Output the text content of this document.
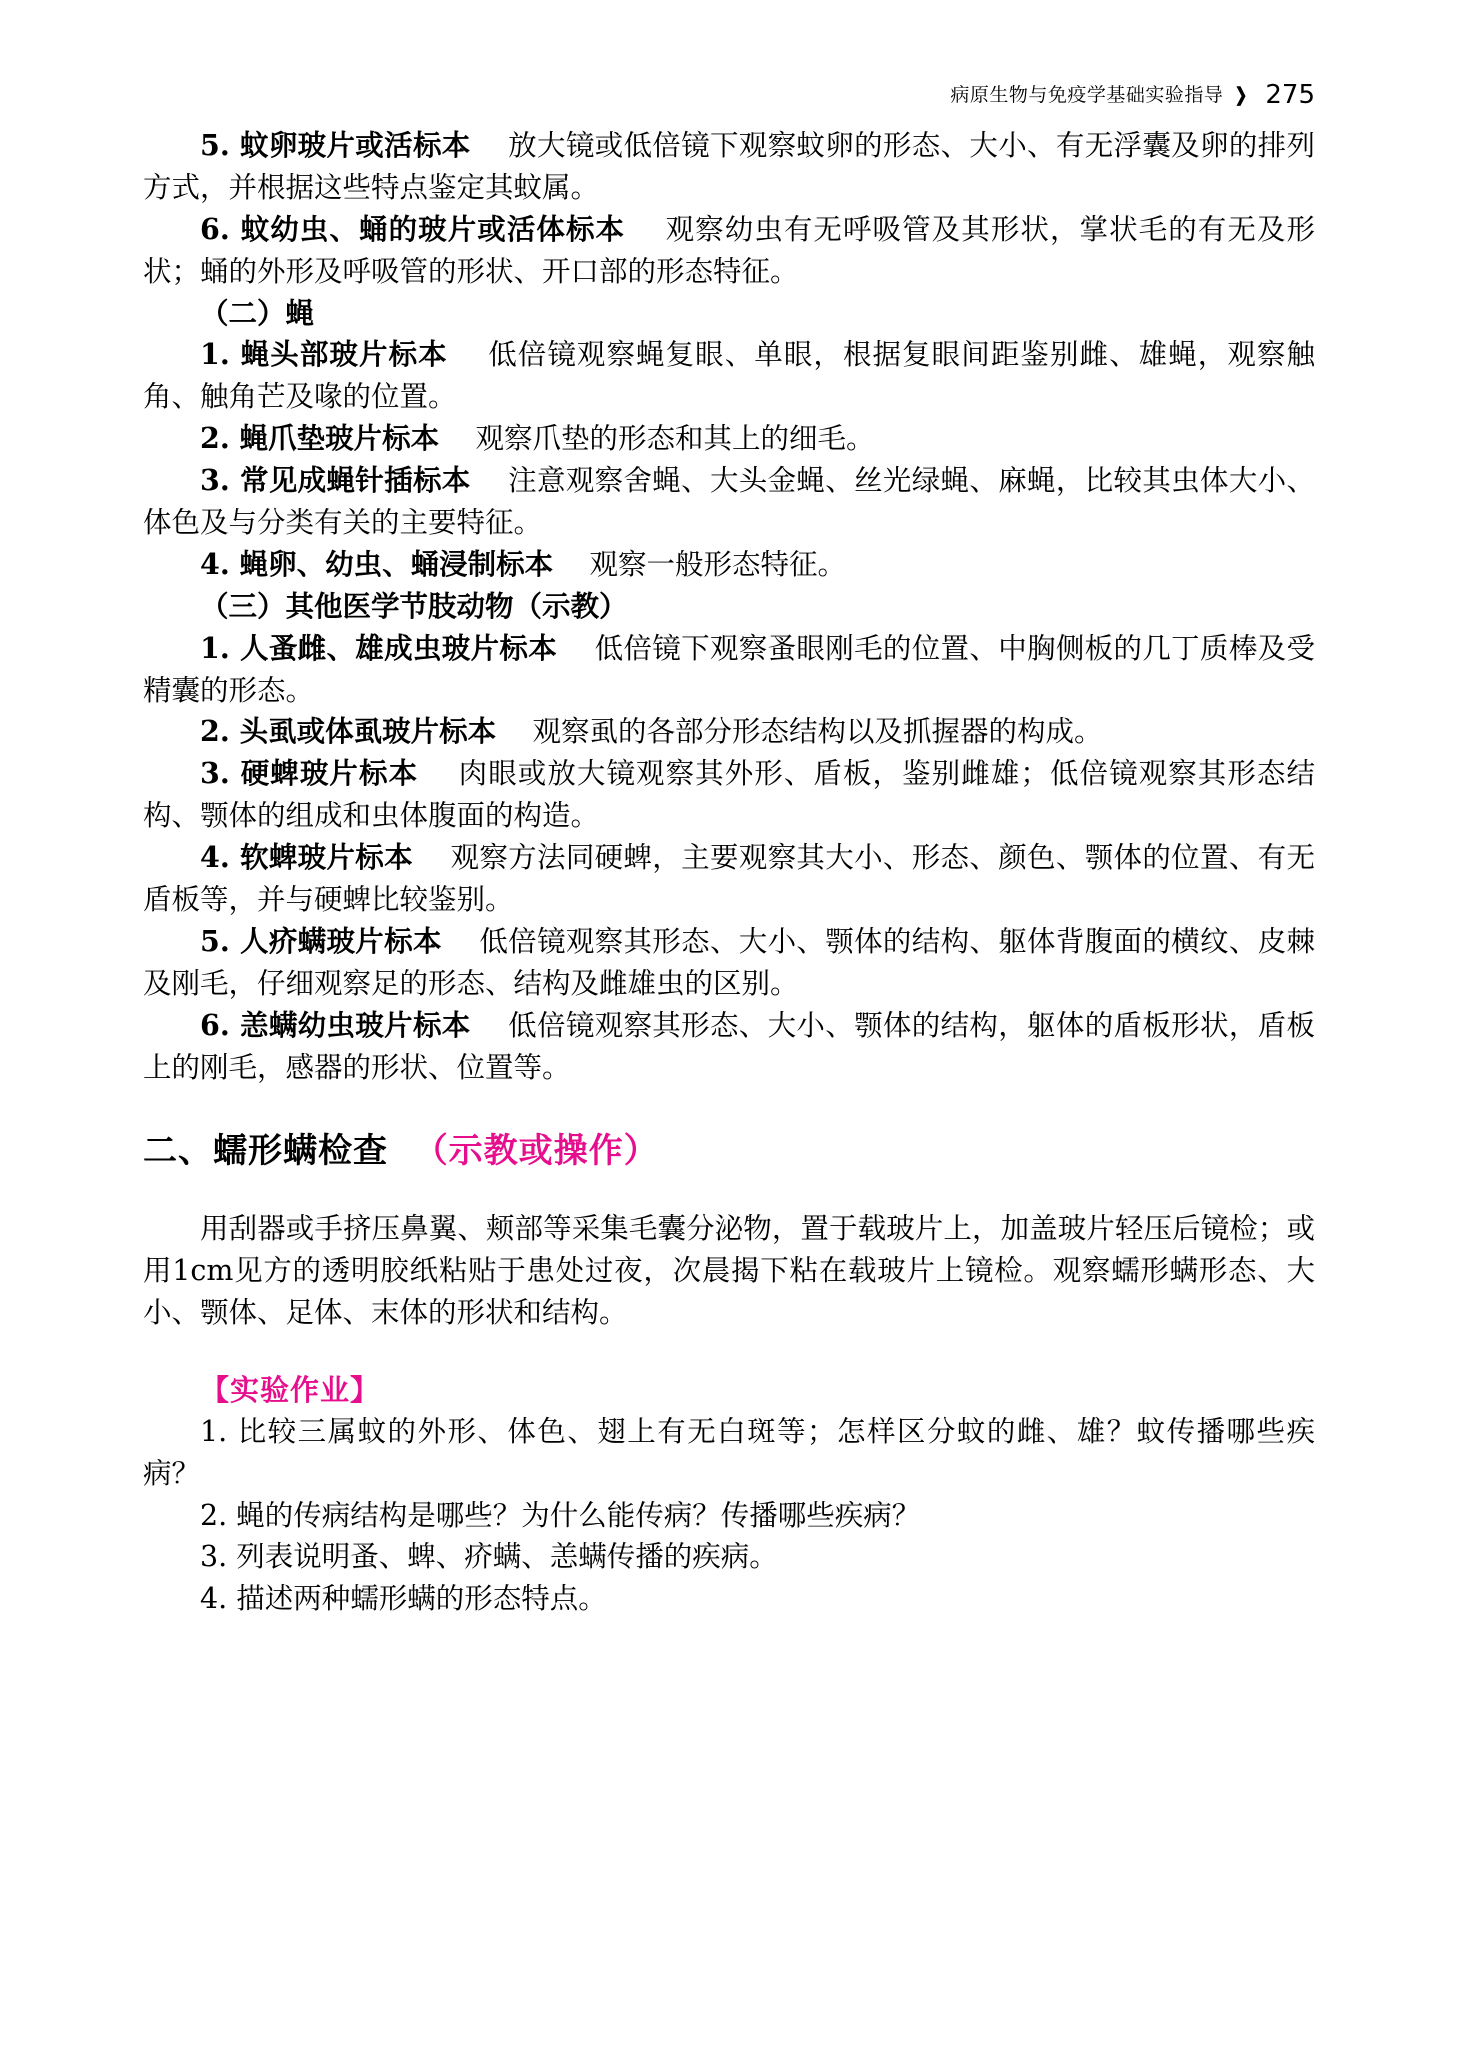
病原生物与免疫学基础实验指导 ❯ 275

5. 蚊卵玻片或活标本 放大镜或低倍镜下观察蚊卵的形态、大小、有无浮囊及卵的排列方式，并根据这些特点鉴定其蚊属。

6. 蚊幼虫、蛹的玻片或活体标本 观察幼虫有无呼吸管及其形状，掌状毛的有无及形状；蛹的外形及呼吸管的形状、开口部的形态特征。

（二）蝇

1. 蝇头部玻片标本 低倍镜观察蝇复眼、单眼，根据复眼间距鉴别雌、雄蝇，观察触角、触角芒及喙的位置。

2. 蝇爪垫玻片标本 观察爪垫的形态和其上的细毛。

3. 常见成蝇针插标本 注意观察舍蝇、大头金蝇、丝光绿蝇、麻蝇，比较其虫体大小、体色及与分类有关的主要特征。

4. 蝇卵、幼虫、蛹浸制标本 观察一般形态特征。

（三）其他医学节肢动物（示教）

1. 人蚤雌、雄成虫玻片标本 低倍镜下观察蚤眼刚毛的位置、中胸侧板的几丁质棒及受精囊的形态。

2. 头虱或体虱玻片标本 观察虱的各部分形态结构以及抓握器的构成。

3. 硬蜱玻片标本 肉眼或放大镜观察其外形、盾板，鉴别雌雄；低倍镜观察其形态结构、颚体的组成和虫体腹面的构造。

4. 软蜱玻片标本 观察方法同硬蜱，主要观察其大小、形态、颜色、颚体的位置、有无盾板等，并与硬蜱比较鉴别。

5. 人疥螨玻片标本 低倍镜观察其形态、大小、颚体的结构、躯体背腹面的横纹、皮棘及刚毛，仔细观察足的形态、结构及雌雄虫的区别。

6. 恙螨幼虫玻片标本 低倍镜观察其形态、大小、颚体的结构，躯体的盾板形状，盾板上的刚毛，感器的形状、位置等。

二、蠕形螨检查 （示教或操作）

用刮器或手挤压鼻翼、颊部等采集毛囊分泌物，置于载玻片上，加盖玻片轻压后镜检；或用1cm见方的透明胶纸粘贴于患处过夜，次晨揭下粘在载玻片上镜检。观察蠕形螨形态、大小、颚体、足体、末体的形状和结构。

【实验作业】

1. 比较三属蚊的外形、体色、翅上有无白斑等；怎样区分蚊的雌、雄？蚊传播哪些疾病？

2. 蝇的传病结构是哪些？为什么能传病？传播哪些疾病？

3. 列表说明蚤、蜱、疥螨、恙螨传播的疾病。

4. 描述两种蠕形螨的形态特点。
